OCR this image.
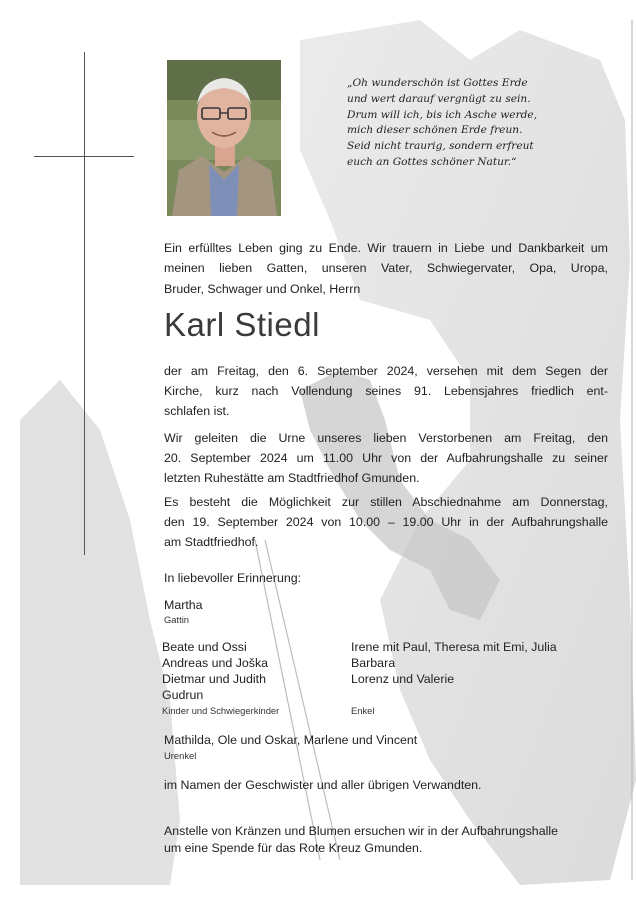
„Oh wunderschön ist Gottes Erde
und wert darauf vergnügt zu sein.
Drum will ich, bis ich Asche werde,
mich dieser schönen Erde freun.
Seid nicht traurig, sondern erfreut
euch an Gottes schöner Natur.“
Ein erfülltes Leben ging zu Ende. Wir trauern in Liebe und Dankbarkeit um
meinen lieben Gatten, unseren Vater, Schwiegervater, Opa, Uropa,
Bruder, Schwager und Onkel, Herrn
Karl Stiedl
der am Freitag, den 6. September 2024, versehen mit dem Segen der
Kirche, kurz nach Vollendung seines 91. Lebensjahres friedlich ent-
schlafen ist.
Wir geleiten die Urne unseres lieben Verstorbenen am Freitag, den
20. September 2024 um 11.00 Uhr von der Aufbahrungshalle zu seiner
letzten Ruhestätte am Stadtfriedhof Gmunden.
Es besteht die Möglichkeit zur stillen Abschiednahme am Donnerstag,
den 19. September 2024 von 10.00 – 19.00 Uhr in der Aufbahrungshalle
am Stadtfriedhof.
In liebevoller Erinnerung:
Martha
Gattin
Beate und Ossi
Andreas und Joška
Dietmar und Judith
Gudrun
Kinder und Schwiegerkinder
Irene mit Paul, Theresa mit Emi, Julia
Barbara
Lorenz und Valerie
Enkel
Mathilda, Ole und Oskar, Marlene und Vincent
Urenkel
im Namen der Geschwister und aller übrigen Verwandten.
Anstelle von Kränzen und Blumen ersuchen wir in der Aufbahrungshalle
um eine Spende für das Rote Kreuz Gmunden.
